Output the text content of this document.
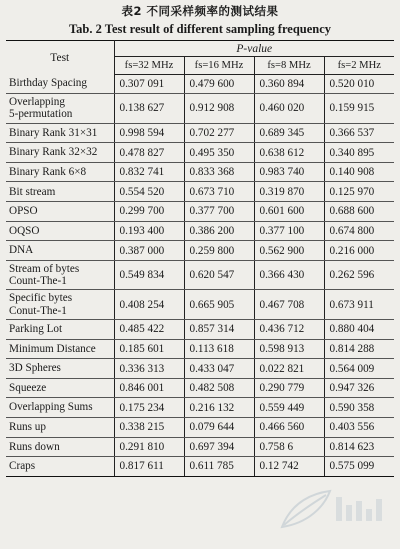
表2 不同采样频率的测试结果
Tab. 2 Test result of different sampling frequency
Test	P-value			
	fs=32 MHz	fs=16 MHz	fs=8 MHz	fs=2 MHz

Birthday Spacing	0.307 091	0.479 600	0.360 894	0.520 010

Overlapping
5-permutation	0.138 627	0.912 908	0.460 020	0.159 915

Binary Rank 31×31	0.998 594	0.702 277	0.689 345	0.366 537

Binary Rank 32×32	0.478 827	0.495 350	0.638 612	0.340 895

Binary Rank 6×8	0.832 741	0.833 368	0.983 740	0.140 908

Bit stream	0.554 520	0.673 710	0.319 870	0.125 970

OPSO	0.299 700	0.377 700	0.601 600	0.688 600

OQSO	0.193 400	0.386 200	0.377 100	0.674 800

DNA	0.387 000	0.259 800	0.562 900	0.216 000

Stream of bytes
Count-The-1	0.549 834	0.620 547	0.366 430	0.262 596

Specific bytes
Conut-The-1	0.408 254	0.665 905	0.467 708	0.673 911

Parking Lot	0.485 422	0.857 314	0.436 712	0.880 404

Minimum Distance	0.185 601	0.113 618	0.598 913	0.814 288

3D Spheres	0.336 313	0.433 047	0.022 821	0.564 009

Squeeze	0.846 001	0.482 508	0.290 779	0.947 326

Overlapping Sums	0.175 234	0.216 132	0.559 449	0.590 358

Runs up	0.338 215	0.079 644	0.466 560	0.403 556

Runs down	0.291 810	0.697 394	0.758 6	0.814 623

Craps	0.817 611	0.611 785	0.12 742	0.575 099
